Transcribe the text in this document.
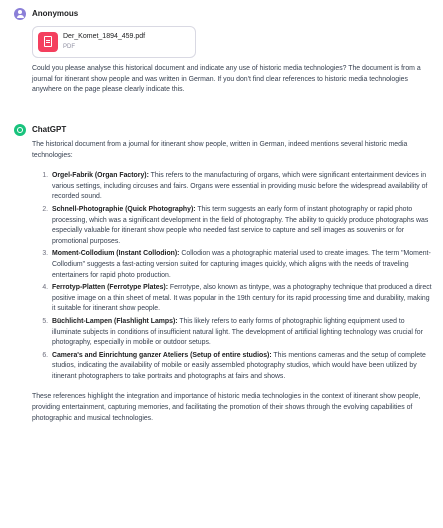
Anonymous
Der_Komet_1894_459.pdf
PDF
Could you please analyse this historical document and indicate any use of historic media technologies? The document is from a journal for itinerant show people and was written in German. If you don't find clear references to historic media technologies anywhere on the page please clearly indicate this.
ChatGPT

The historical document from a journal for itinerant show people, written in German, indeed mentions several historic media technologies:

1. Orgel-Fabrik (Organ Factory): This refers to the manufacturing of organs, which were significant entertainment devices in various settings, including circuses and fairs. Organs were essential in providing music before the widespread availability of recorded sound.
2. Schnell-Photographie (Quick Photography): This term suggests an early form of instant photography or rapid photo processing, which was a significant development in the field of photography. The ability to quickly produce photographs was especially valuable for itinerant show people who needed fast service to capture and sell images as souvenirs or for promotional purposes.
3. Moment-Collodium (Instant Collodion): Collodion was a photographic material used to create images. The term "Moment-Collodium" suggests a fast-acting version suited for capturing images quickly, which aligns with the needs of traveling entertainers for rapid photo production.
4. Ferrotyp-Platten (Ferrotype Plates): Ferrotype, also known as tintype, was a photography technique that produced a direct positive image on a thin sheet of metal. It was popular in the 19th century for its rapid processing time and durability, making it suitable for itinerant show people.
5. Büchlicht-Lampen (Flashlight Lamps): This likely refers to early forms of photographic lighting equipment used to illuminate subjects in conditions of insufficient natural light. The development of artificial lighting technology was crucial for photography, especially in mobile or outdoor setups.
6. Camera's and Einrichtung ganzer Ateliers (Setup of entire studios): This mentions cameras and the setup of complete studios, indicating the availability of mobile or easily assembled photography studios, which would have been utilized by itinerant photographers to take portraits and photographs at fairs and shows.

These references highlight the integration and importance of historic media technologies in the context of itinerant show people, providing entertainment, capturing memories, and facilitating the promotion of their shows through the evolving capabilities of photographic and musical technologies.
